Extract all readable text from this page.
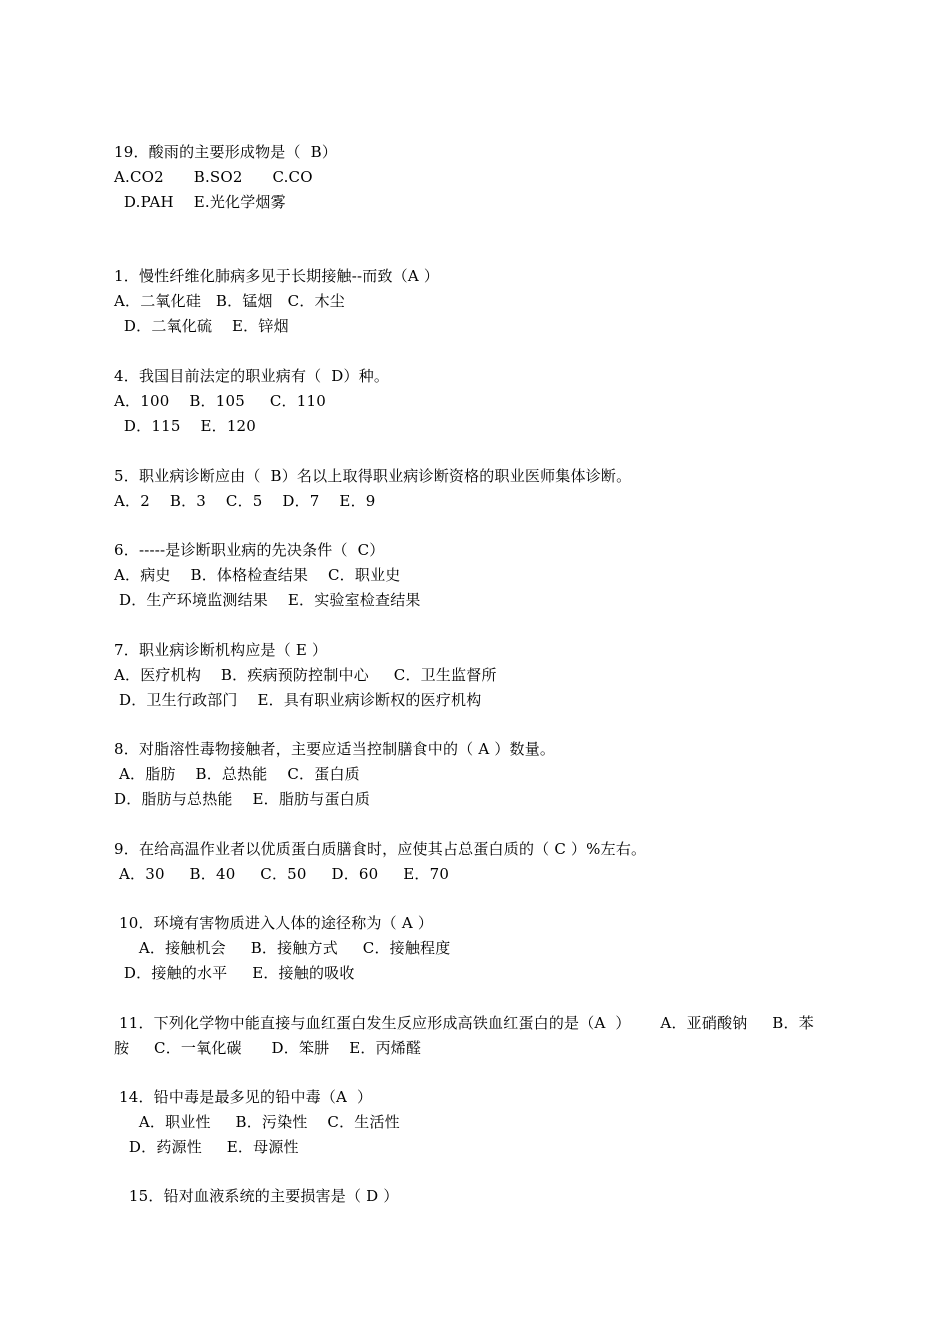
19．酸雨的主要形成物是（  B）
A.CO2      B.SO2      C.CO
D.PAH    E.光化学烟雾
1．慢性纤维化肺病多见于长期接触--而致（A ）
A．二氧化硅   B．锰烟   C．木尘
D．二氧化硫    E．锌烟
4．我国目前法定的职业病有（  D）种。
A．100    B．105     C．110
D．115    E．120
5．职业病诊断应由（  B）名以上取得职业病诊断资格的职业医师集体诊断。
A．2    B．3    C．5    D．7    E．9
6．-----是诊断职业病的先决条件（  C）
A．病史    B．体格检查结果    C．职业史
D．生产环境监测结果    E．实验室检查结果
7．职业病诊断机构应是（ E ）
A．医疗机构    B．疾病预防控制中心     C．卫生监督所
D．卫生行政部门    E．具有职业病诊断权的医疗机构
8．对脂溶性毒物接触者，主要应适当控制膳食中的（ A ）数量。
A．脂肪    B．总热能    C．蛋白质
D．脂肪与总热能    E．脂肪与蛋白质
9．在给高温作业者以优质蛋白质膳食时，应使其占总蛋白质的（ C ）%左右。
A．30     B．40     C．50     D．60     E．70
10．环境有害物质进入人体的途径称为（ A ）
A．接触机会     B．接触方式     C．接触程度
D．接触的水平     E．接触的吸收
11．下列化学物中能直接与血红蛋白发生反应形成高铁血红蛋白的是（A  ）      A．亚硝酸钠     B．苯
胺     C．一氧化碳      D．笨肼    E．丙烯醛
14．铅中毒是最多见的铅中毒（A  ）
A．职业性     B．污染性    C．生活性
D．药源性     E．母源性
15．铅对血液系统的主要损害是（ D ）
